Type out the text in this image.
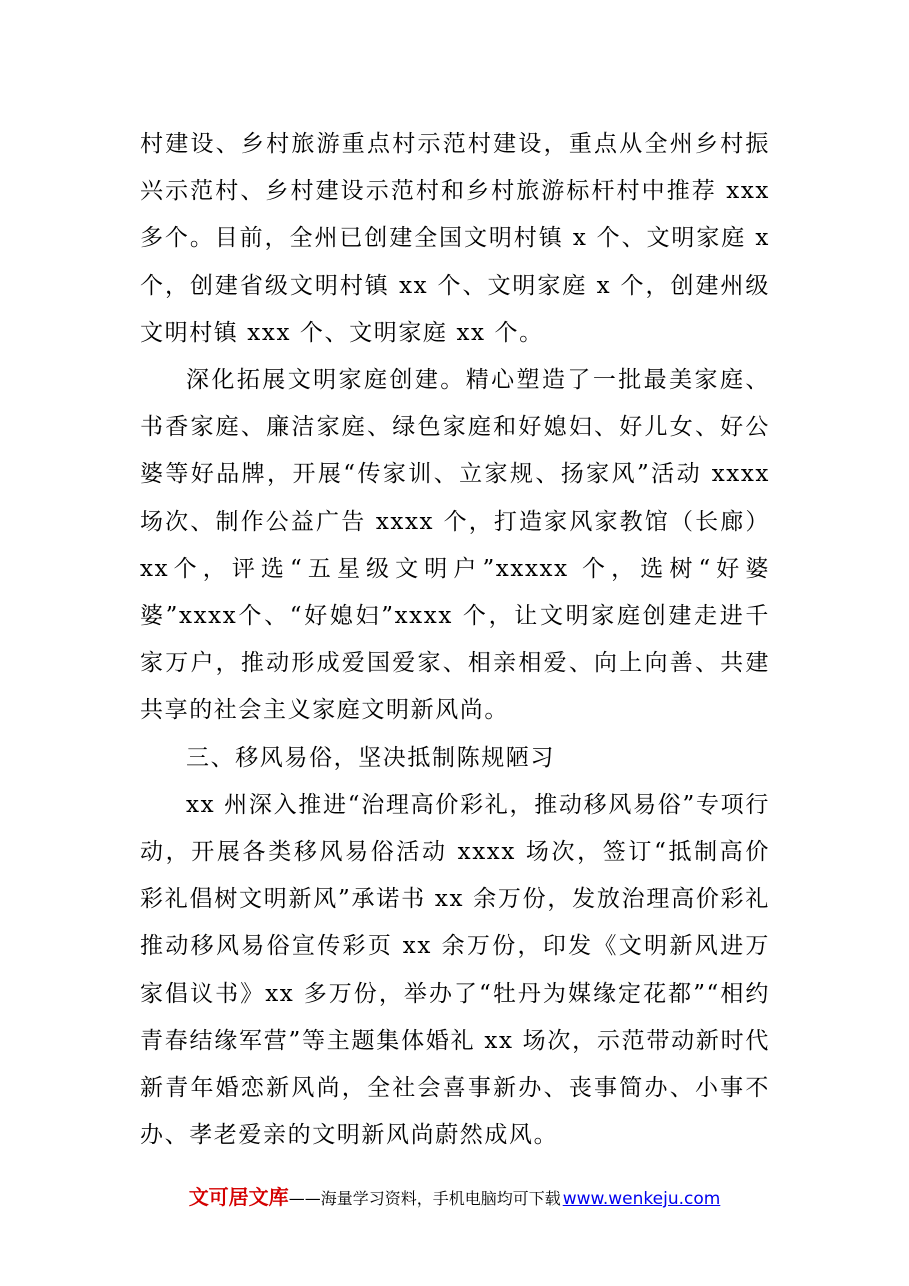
村建设、乡村旅游重点村示范村建设，重点从全州乡村振兴示范村、乡村建设示范村和乡村旅游标杆村中推荐 xxx 多个。目前，全州已创建全国文明村镇 x 个、文明家庭 x 个，创建省级文明村镇 xx 个、文明家庭 x 个，创建州级文明村镇 xxx 个、文明家庭 xx 个。

深化拓展文明家庭创建。精心塑造了一批最美家庭、书香家庭、廉洁家庭、绿色家庭和好媳妇、好儿女、好公婆等好品牌，开展“传家训、立家规、扬家风”活动 xxxx场次、制作公益广告 xxxx 个，打造家风家教馆（长廊）xx个，评选“五星级文明户”xxxxx 个，选树“好婆婆”xxxx个、“好媳妇”xxxx 个，让文明家庭创建走进千家万户，推动形成爱国爱家、相亲相爱、向上向善、共建共享的社会主义家庭文明新风尚。

三、移风易俗，坚决抵制陈规陋习

xx 州深入推进“治理高价彩礼，推动移风易俗”专项行动，开展各类移风易俗活动 xxxx 场次，签订“抵制高价彩礼倡树文明新风”承诺书 xx 余万份，发放治理高价彩礼推动移风易俗宣传彩页 xx 余万份，印发《文明新风进万家倡议书》xx 多万份，举办了“牡丹为媒缘定花都”“相约青春结缘军营”等主题集体婚礼 xx 场次，示范带动新时代新青年婚恋新风尚，全社会喜事新办、丧事简办、小事不办、孝老爱亲的文明新风尚蔚然成风。

文可居文库——海量学习资料，手机电脑均可下载 www.wenkeju.com
